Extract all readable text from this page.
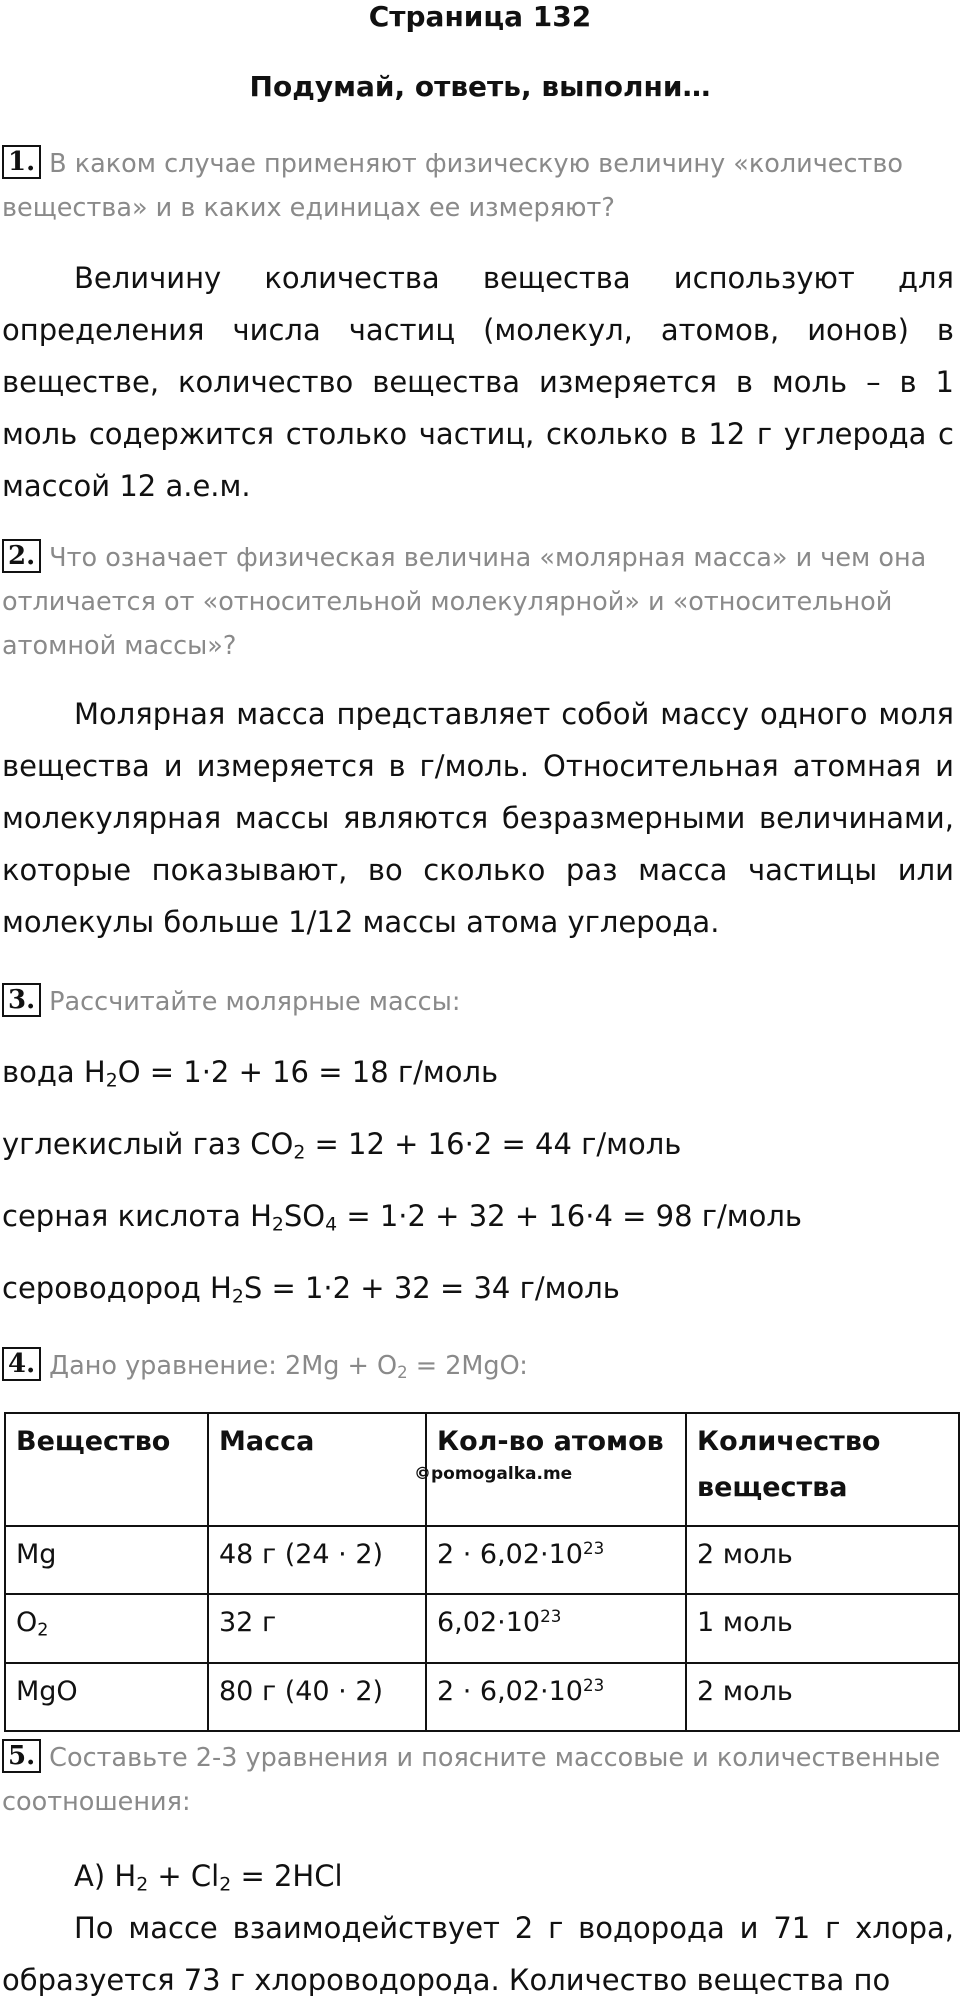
Страница 132
Подумай, ответь, выполни…
1. В каком случае применяют физическую величину «количество вещества» и в каких единицах ее измеряют?

Величину количества вещества используют для определения числа частиц (молекул, атомов, ионов) в веществе, количество вещества измеряется в моль – в 1 моль содержится столько частиц, сколько в 12 г углерода с массой 12 а.е.м.

2. Что означает физическая величина «молярная масса» и чем она отличается от «относительной молекулярной» и «относительной атомной массы»?

Молярная масса представляет собой массу одного моля вещества и измеряется в г/моль. Относительная атомная и молекулярная массы являются безразмерными величинами, которые показывают, во сколько раз масса частицы или молекулы больше 1/12 массы атома углерода.

3. Рассчитайте молярные массы:
вода $H_2O = 1\cdot 2 + 16 = 18$ г/моль
углекислый газ $CO_2 = 12 + 16\cdot 2 = 44$ г/моль
серная кислота $H_2SO_4 = 1\cdot 2 + 32 + 16\cdot 4 = 98$ г/моль
сероводород $H_2S = 1\cdot 2 + 32 = 34$ г/моль
4. Дано уравнение: $2Mg + O_2 = 2MgO$:
Вещество	Масса	Кол-во атомов	Количество вещества
Mg	48 г (24 · 2)	$2 \cdot 6,02\cdot 10^{23}$	2 моль
$O_2$	32 г	$6,02\cdot 10^{23}$	1 моль
MgO	80 г (40 · 2)	$2 \cdot 6,02\cdot 10^{23}$	2 моль
©pomogalka.me
5. Составьте 2-3 уравнения и поясните массовые и количественные соотношения:
А) $H_2 + Cl_2 = 2HCl$

По массе взаимодействует 2 г водорода и 71 г хлора, образуется 73 г хлороводорода. Количество вещества по
